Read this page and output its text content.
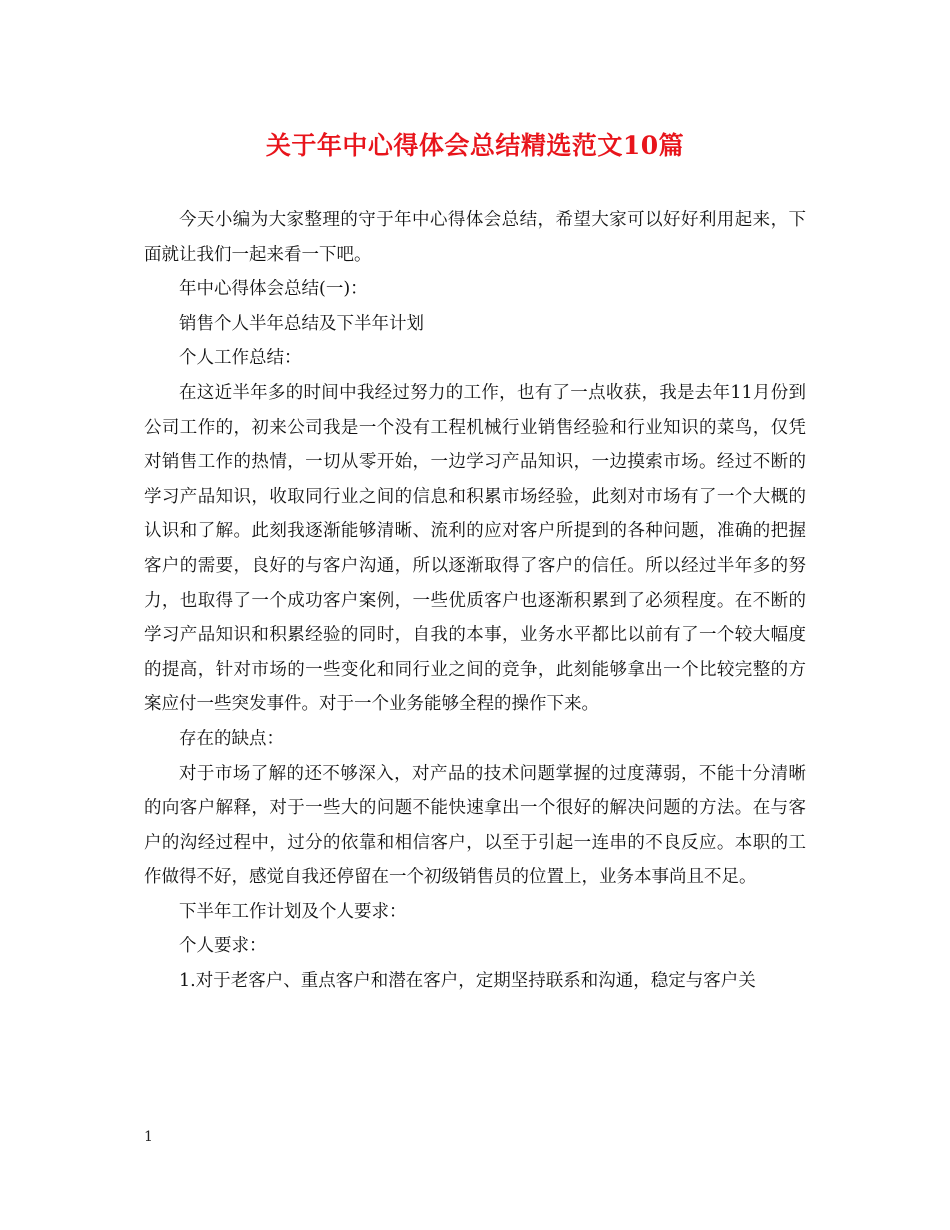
关于年中心得体会总结精选范文10篇

今天小编为大家整理的守于年中心得体会总结，希望大家可以好好利用起来，下面就让我们一起来看一下吧。

年中心得体会总结(一)：

销售个人半年总结及下半年计划

个人工作总结：

在这近半年多的时间中我经过努力的工作，也有了一点收获，我是去年11月份到公司工作的，初来公司我是一个没有工程机械行业销售经验和行业知识的菜鸟，仅凭对销售工作的热情，一切从零开始，一边学习产品知识，一边摸索市场。经过不断的学习产品知识，收取同行业之间的信息和积累市场经验，此刻对市场有了一个大概的认识和了解。此刻我逐渐能够清晰、流利的应对客户所提到的各种问题，准确的把握客户的需要，良好的与客户沟通，所以逐渐取得了客户的信任。所以经过半年多的努力，也取得了一个成功客户案例，一些优质客户也逐渐积累到了必须程度。在不断的学习产品知识和积累经验的同时，自我的本事，业务水平都比以前有了一个较大幅度的提高，针对市场的一些变化和同行业之间的竞争，此刻能够拿出一个比较完整的方案应付一些突发事件。对于一个业务能够全程的操作下来。

存在的缺点：

对于市场了解的还不够深入，对产品的技术问题掌握的过度薄弱，不能十分清晰的向客户解释，对于一些大的问题不能快速拿出一个很好的解决问题的方法。在与客户的沟经过程中，过分的依靠和相信客户，以至于引起一连串的不良反应。本职的工作做得不好，感觉自我还停留在一个初级销售员的位置上，业务本事尚且不足。

下半年工作计划及个人要求：

个人要求：

1.对于老客户、重点客户和潜在客户，定期坚持联系和沟通，稳定与客户关

1
